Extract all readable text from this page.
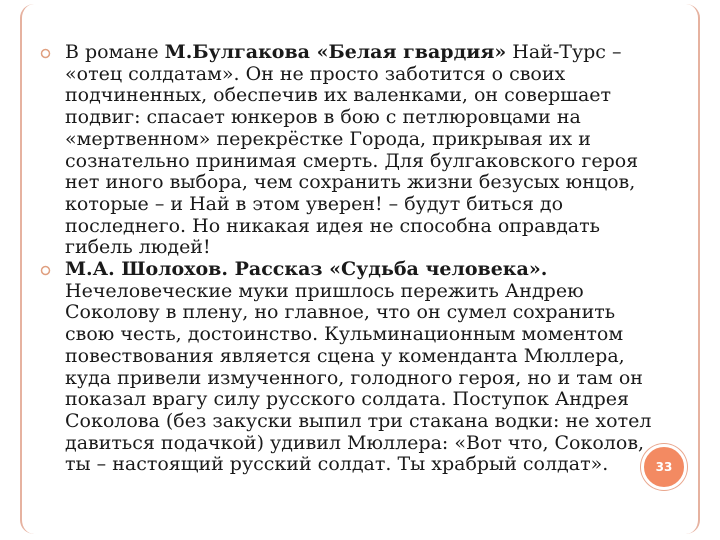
В романе М.Булгакова «Белая гвардия» Най-Турс – «отец солдатам». Он не просто заботится о своих подчиненных, обеспечив их валенками, он совершает подвиг: спасает юнкеров в бою с петлюровцами на «мертвенном» перекрёстке Города, прикрывая их и сознательно принимая смерть. Для булгаковского героя нет иного выбора, чем сохранить жизни безусых юнцов, которые – и Най в этом уверен! – будут биться до последнего. Но никакая идея не способна оправдать гибель людей!

М.А. Шолохов. Рассказ «Судьба человека». Нечеловеческие муки пришлось пережить Андрею Соколову в плену, но главное, что он сумел сохранить свою честь, достоинство. Кульминационным моментом повествования является сцена у коменданта Мюллера, куда привели измученного, голодного героя, но и там он показал врагу силу русского солдата. Поступок Андрея Соколова (без закуски выпил три стакана водки: не хотел давиться подачкой) удивил Мюллера: «Вот что, Соколов, ты – настоящий русский солдат. Ты храбрый солдат».	33
